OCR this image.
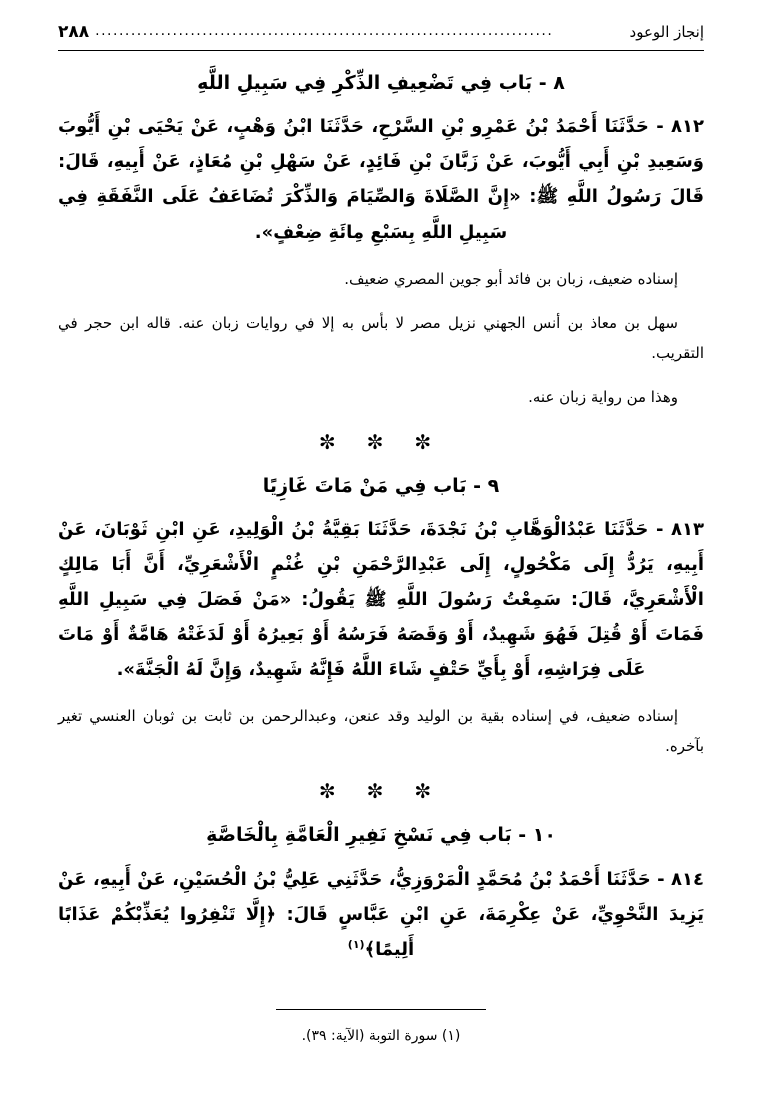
٢٨٨ .............................................................................	إنجاز الوعود
٨ - بَاب فِي تَضْعِيفِ الذِّكْرِ فِي سَبِيلِ اللَّهِ

٨١٢ - حَدَّثَنَا أَحْمَدُ بْنُ عَمْرِو بْنِ السَّرْحِ، حَدَّثَنَا ابْنُ وَهْبٍ، عَنْ يَحْيَى بْنِ أَيُّوبَ وَسَعِيدِ بْنِ أَبِي أَيُّوبَ، عَنْ زَبَّانَ بْنِ فَائِدٍ، عَنْ سَهْلِ بْنِ مُعَاذٍ، عَنْ أَبِيهِ، قَالَ: قَالَ رَسُولُ اللَّهِ ﷺ: «إِنَّ الصَّلَاةَ وَالصِّيَامَ وَالذِّكْرَ تُضَاعَفُ عَلَى النَّفَقَةِ فِي سَبِيلِ اللَّهِ بِسَبْعِ مِائَةِ ضِعْفٍ».

إسناده ضعيف، زبان بن فائد أبو جوين المصري ضعيف.

سهل بن معاذ بن أنس الجهني نزيل مصر لا بأس به إلا في روايات زبان عنه. قاله ابن حجر في التقريب.

وهذا من رواية زبان عنه.

✼ ✼ ✼
٩ - بَاب فِي مَنْ مَاتَ غَازِيًا

٨١٣ - حَدَّثَنَا عَبْدُالْوَهَّابِ بْنُ نَجْدَةَ، حَدَّثَنَا بَقِيَّةُ بْنُ الْوَلِيدِ، عَنِ ابْنِ ثَوْبَانَ، عَنْ أَبِيهِ، يَرُدُّ إِلَى مَكْحُولٍ، إِلَى عَبْدِالرَّحْمَنِ بْنِ غُنْمٍ الْأَشْعَرِيِّ، أَنَّ أَبَا مَالِكٍ الْأَشْعَرِيَّ، قَالَ: سَمِعْتُ رَسُولَ اللَّهِ ﷺ يَقُولُ: «مَنْ فَصَلَ فِي سَبِيلِ اللَّهِ فَمَاتَ أَوْ قُتِلَ فَهُوَ شَهِيدٌ، أَوْ وَقَصَهُ فَرَسُهُ أَوْ بَعِيرُهُ أَوْ لَدَغَتْهُ هَامَّةٌ أَوْ مَاتَ عَلَى فِرَاشِهِ، أَوْ بِأَيِّ حَتْفٍ شَاءَ اللَّهُ فَإِنَّهُ شَهِيدٌ، وَإِنَّ لَهُ الْجَنَّةَ».

إسناده ضعيف، في إسناده بقية بن الوليد وقد عنعن، وعبدالرحمن بن ثابت بن ثوبان العنسي تغير بآخره.

✼ ✼ ✼
١٠ - بَاب فِي نَسْخِ نَفِيرِ الْعَامَّةِ بِالْخَاصَّةِ

٨١٤ - حَدَّثَنَا أَحْمَدُ بْنُ مُحَمَّدٍ الْمَرْوَزِيُّ، حَدَّثَنِي عَلِيُّ بْنُ الْحُسَيْنِ، عَنْ أَبِيهِ، عَنْ يَزِيدَ النَّحْوِيِّ، عَنْ عِكْرِمَةَ، عَنِ ابْنِ عَبَّاسٍ قَالَ: ﴿إِلَّا تَنْفِرُوا يُعَذِّبْكُمْ عَذَابًا أَلِيمًا﴾$^{(١)}$

(١) سورة التوبة (الآية: ٣٩).
